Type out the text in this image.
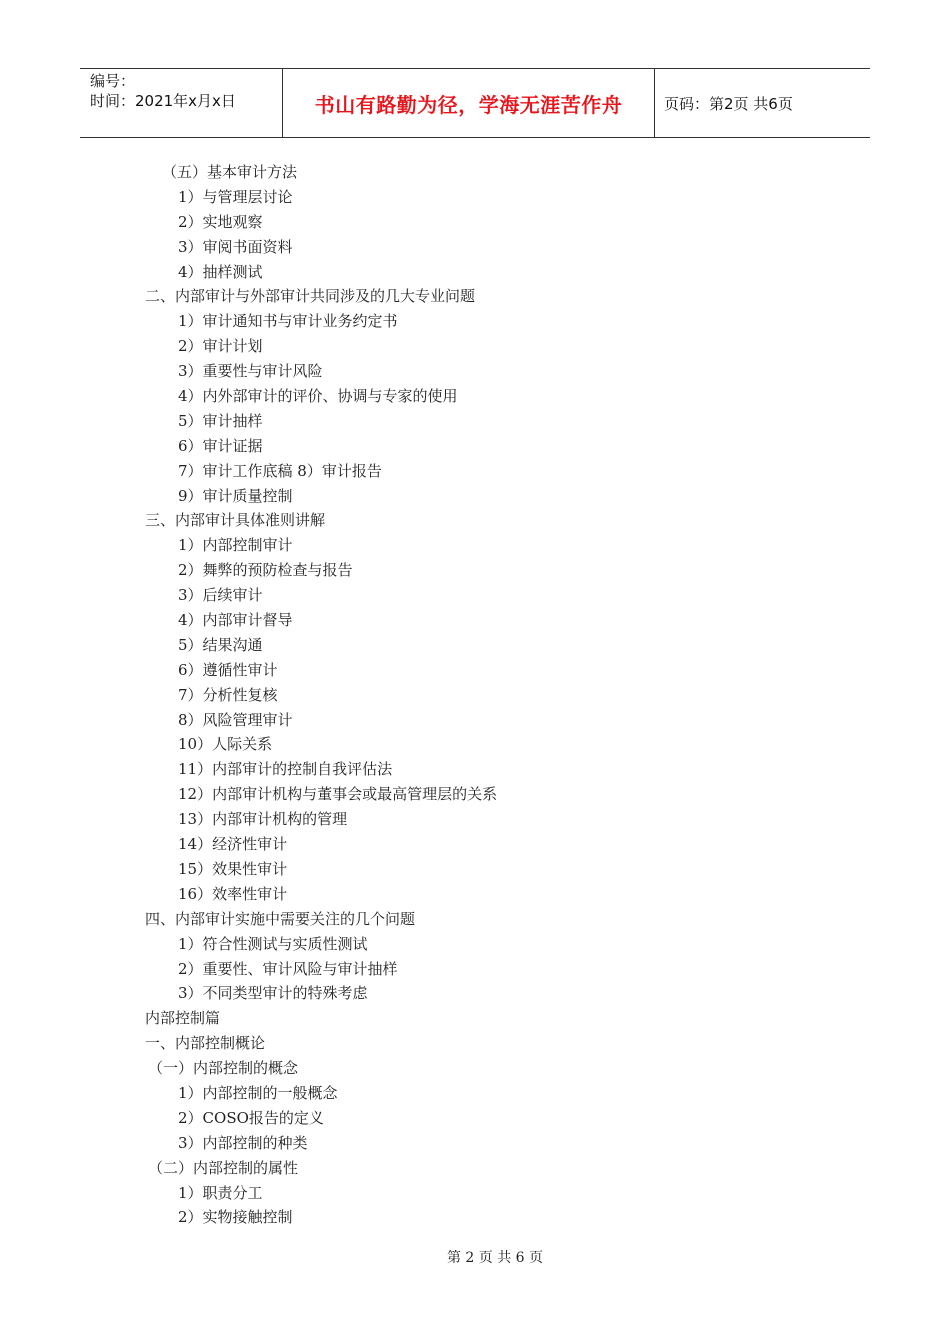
编号：
时间：2021年x月x日	书山有路勤为径，学海无涯苦作舟	页码：第2页 共6页
（五）基本审计方法
1）与管理层讨论
2）实地观察
3）审阅书面资料
4）抽样测试
二、内部审计与外部审计共同涉及的几大专业问题
1）审计通知书与审计业务约定书
2）审计计划
3）重要性与审计风险
4）内外部审计的评价、协调与专家的使用
5）审计抽样
6）审计证据
7）审计工作底稿 8）审计报告
9）审计质量控制
三、内部审计具体准则讲解
1）内部控制审计
2）舞弊的预防检查与报告
3）后续审计
4）内部审计督导
5）结果沟通
6）遵循性审计
7）分析性复核
8）风险管理审计
10）人际关系
11）内部审计的控制自我评估法
12）内部审计机构与董事会或最高管理层的关系
13）内部审计机构的管理
14）经济性审计
15）效果性审计
16）效率性审计
四、内部审计实施中需要关注的几个问题
1）符合性测试与实质性测试
2）重要性、审计风险与审计抽样
3）不同类型审计的特殊考虑
内部控制篇
一、内部控制概论
（一）内部控制的概念
1）内部控制的一般概念
2）COSO报告的定义
3）内部控制的种类
（二）内部控制的属性
1）职责分工
2）实物接触控制
第 2 页 共 6 页
